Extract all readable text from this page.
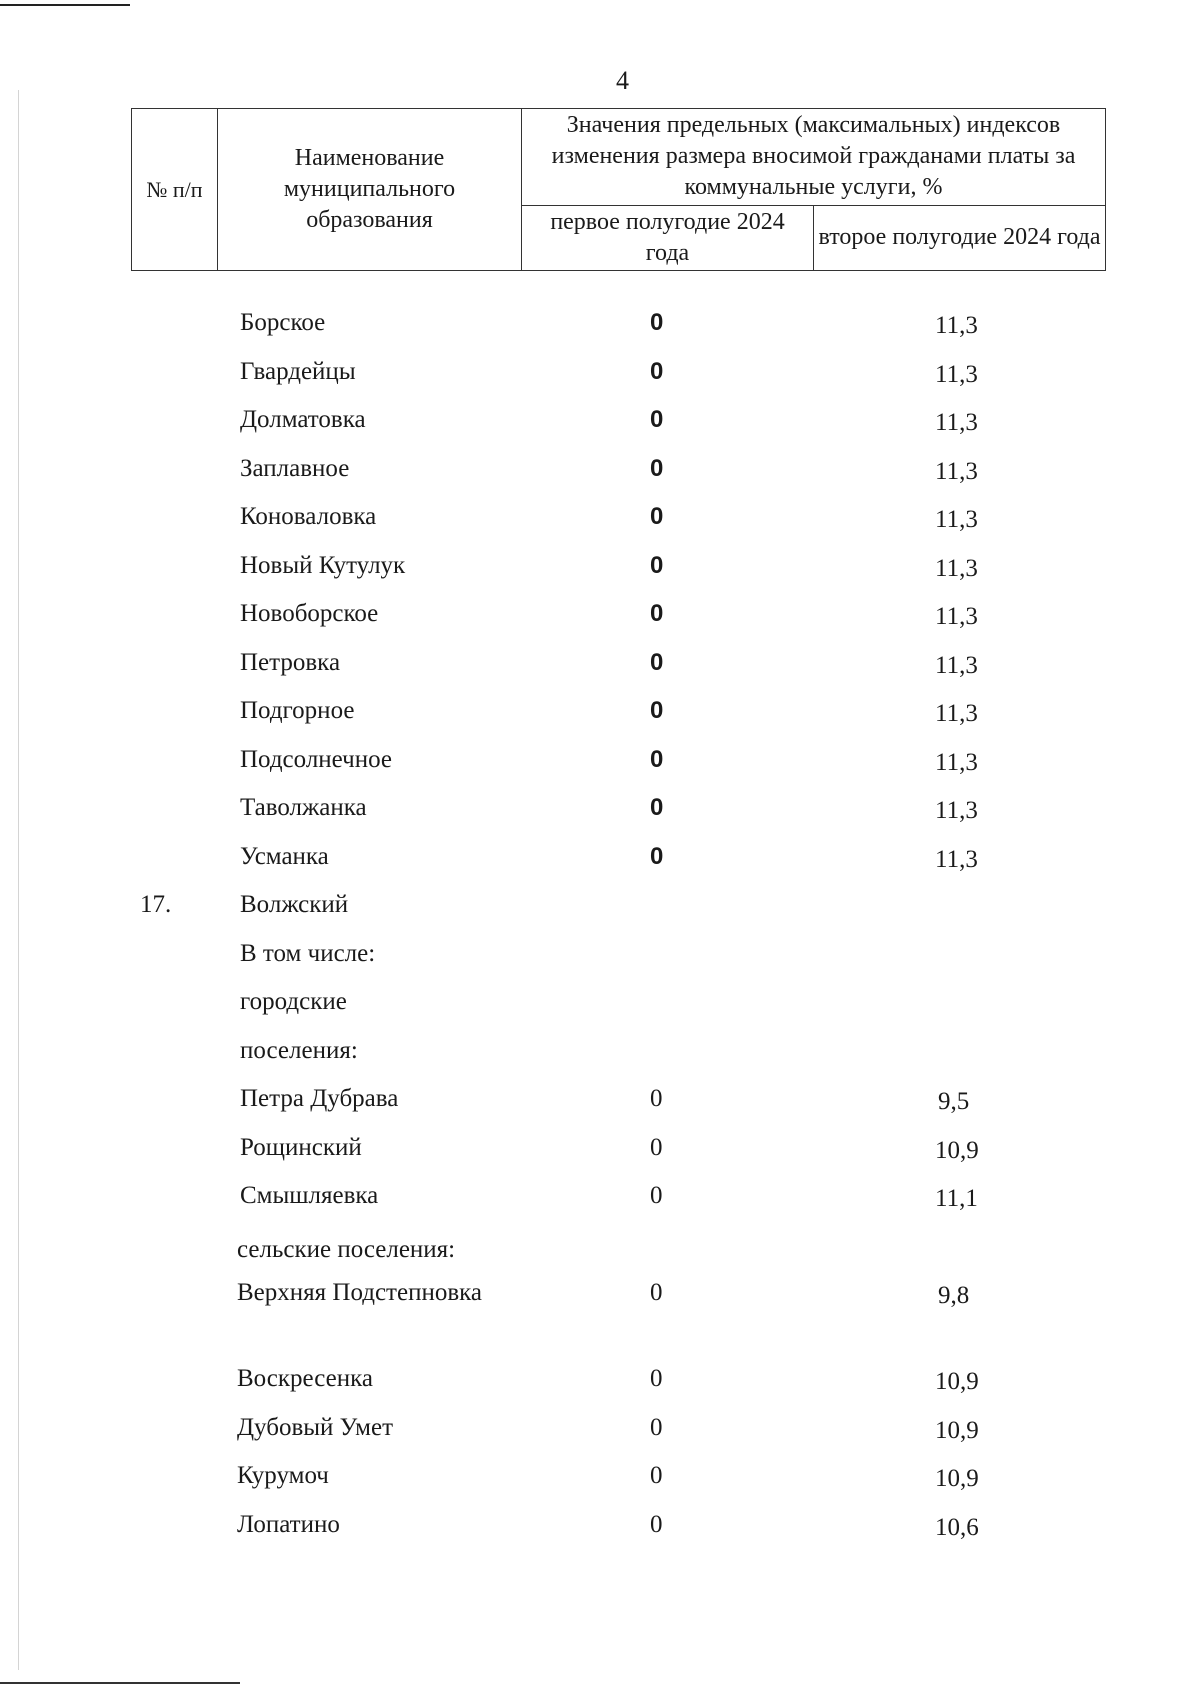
4
№ п/п	Наименование муниципального образования	Значения предельных (максимальных) индексов изменения размера вносимой гражданами платы за коммунальные услуги, %	
		первое полугодие 2024 года	второе полугодие 2024 года
Борское	0	11,3
Гвардейцы	0	11,3
Долматовка	0	11,3
Заплавное	0	11,3
Коноваловка	0	11,3
Новый Кутулук	0	11,3
Новоборское	0	11,3
Петровка	0	11,3
Подгорное	0	11,3
Подсолнечное	0	11,3
Таволжанка	0	11,3
Усманка	0	11,3
17.	Волжский
В том числе:
городские
поселения:
Петра Дубрава	0	9,5
Рощинский	0	10,9
Смышляевка	0	11,1
сельские поселения:
Верхняя Подстепновка	0	9,8
Воскресенка	0	10,9
Дубовый Умет	0	10,9
Курумоч	0	10,9
Лопатино	0	10,6
